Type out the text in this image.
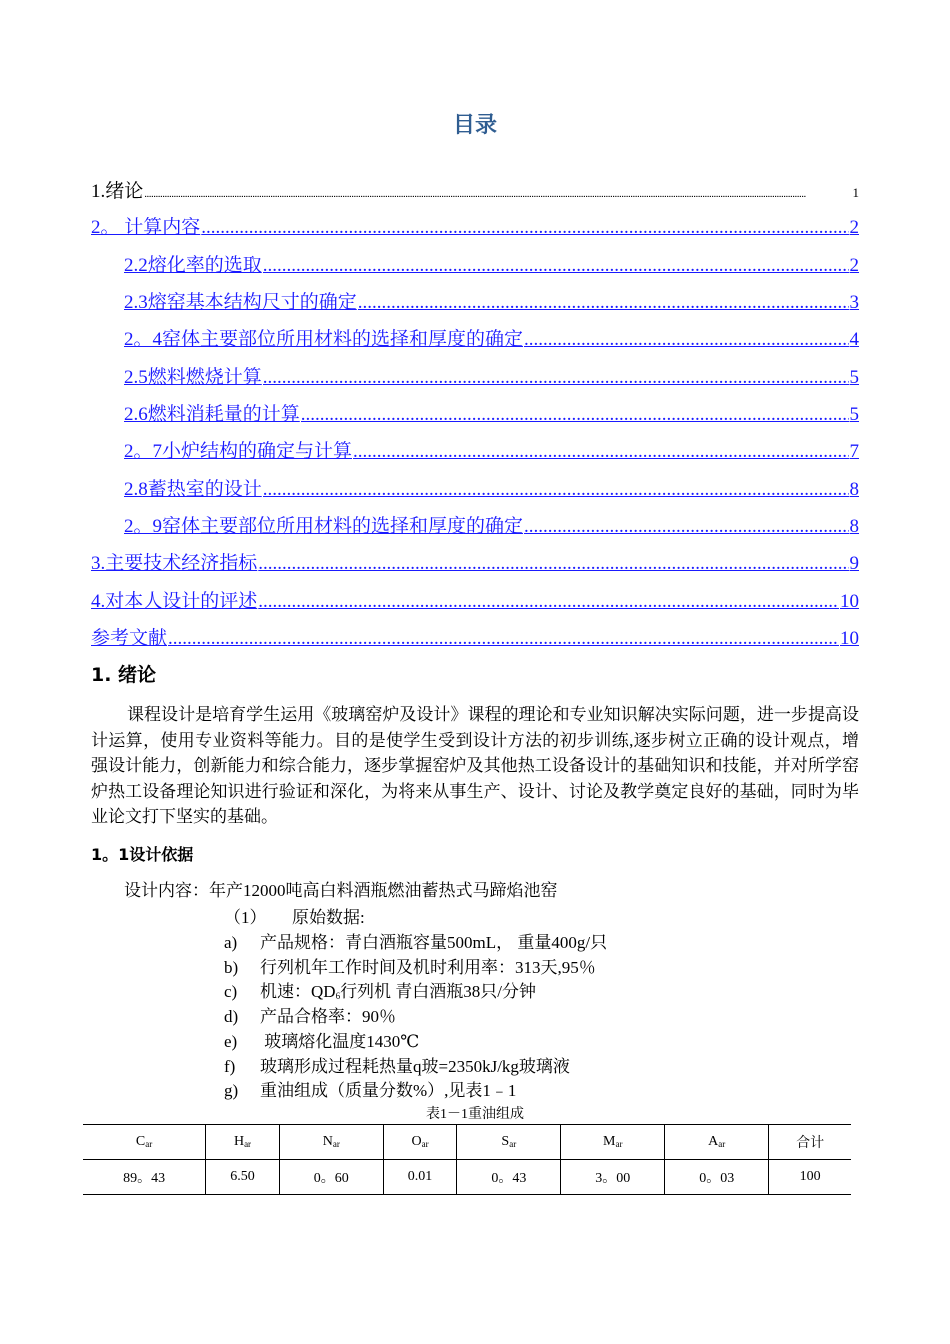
目录
1.绪论 .....	1
2。 计算内容 .....	2
2.2熔化率的选取 .....	2
2.3熔窑基本结构尺寸的确定 .....	3
2。4窑体主要部位所用材料的选择和厚度的确定 .....	4
2.5燃料燃烧计算 .....	5
2.6燃料消耗量的计算 .....	5
2。7小炉结构的确定与计算 .....	7
2.8蓄热室的设计 .....	8
2。9窑体主要部位所用材料的选择和厚度的确定 .....	8
3.主要技术经济指标 .....	9
4.对本人设计的评述 .....	10
参考文献 .....	10
1. 绪论
课程设计是培育学生运用《玻璃窑炉及设计》课程的理论和专业知识解决实际问题，进一步提高设计运算，使用专业资料等能力。目的是使学生受到设计方法的初步训练,逐步树立正确的设计观点，增强设计能力，创新能力和综合能力，逐步掌握窑炉及其他热工设备设计的基础知识和技能，并对所学窑炉热工设备理论知识进行验证和深化，为将来从事生产、设计、讨论及教学奠定良好的基础，同时为毕业论文打下坚实的基础。
1。1设计依据
设计内容：年产12000吨高白料酒瓶燃油蓄热式马蹄焰池窑
（1） 原始数据:
a) 产品规格：青白酒瓶容量500mL， 重量400g/只
b) 行列机年工作时间及机时利用率：313天,95％
c) 机速：$QD_6$行列机 青白酒瓶38只/分钟
d) 产品合格率：90％
e) 玻璃熔化温度1430℃
f) 玻璃形成过程耗热量q玻=2350kJ/kg玻璃液
g) 重油组成（质量分数%）,见表1﹣1
表1－1重油组成
$C_{ar}$	$H_{ar}$	$N_{ar}$	$O_{ar}$	$S_{ar}$	$M_{ar}$	$A_{ar}$	合计
89。43	6.50	0。60	0.01	0。43	3。00	0。03	100
